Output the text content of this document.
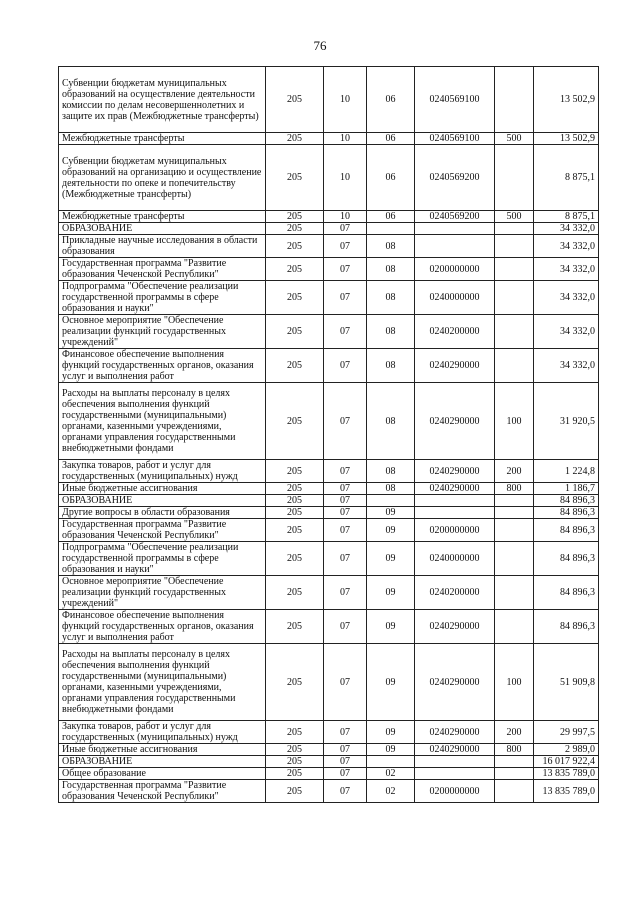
76
Субвенции бюджетам муниципальных образований на осуществление деятельности комиссии по делам несовершеннолетних и защите их прав (Межбюджетные трансферты)	205	10	06	0240569100		13 502,9
Межбюджетные трансферты	205	10	06	0240569100	500	13 502,9
Субвенции бюджетам муниципальных образований на организацию и осуществление деятельности по опеке и попечительству (Межбюджетные трансферты)	205	10	06	0240569200		8 875,1
Межбюджетные трансферты	205	10	06	0240569200	500	8 875,1
ОБРАЗОВАНИЕ	205	07				34 332,0
Прикладные научные исследования в области образования	205	07	08			34 332,0
Государственная программа "Развитие образования Чеченской Республики"	205	07	08	0200000000		34 332,0
Подпрограмма "Обеспечение реализации государственной программы в сфере образования и науки"	205	07	08	0240000000		34 332,0
Основное мероприятие "Обеспечение реализации функций государственных учреждений"	205	07	08	0240200000		34 332,0
Финансовое обеспечение выполнения функций государственных органов, оказания услуг и выполнения работ	205	07	08	0240290000		34 332,0
Расходы на выплаты персоналу в целях обеспечения выполнения функций государственными (муниципальными) органами, казенными учреждениями, органами управления государственными внебюджетными фондами	205	07	08	0240290000	100	31 920,5
Закупка товаров, работ и услуг для государственных (муниципальных) нужд	205	07	08	0240290000	200	1 224,8
Иные бюджетные ассигнования	205	07	08	0240290000	800	1 186,7
ОБРАЗОВАНИЕ	205	07				84 896,3
Другие вопросы в области образования	205	07	09			84 896,3
Государственная программа "Развитие образования Чеченской Республики"	205	07	09	0200000000		84 896,3
Подпрограмма "Обеспечение реализации государственной программы в сфере образования и науки"	205	07	09	0240000000		84 896,3
Основное мероприятие "Обеспечение реализации функций государственных учреждений"	205	07	09	0240200000		84 896,3
Финансовое обеспечение выполнения функций государственных органов, оказания услуг и выполнения работ	205	07	09	0240290000		84 896,3
Расходы на выплаты персоналу в целях обеспечения выполнения функций государственными (муниципальными) органами, казенными учреждениями, органами управления государственными внебюджетными фондами	205	07	09	0240290000	100	51 909,8
Закупка товаров, работ и услуг для государственных (муниципальных) нужд	205	07	09	0240290000	200	29 997,5
Иные бюджетные ассигнования	205	07	09	0240290000	800	2 989,0
ОБРАЗОВАНИЕ	205	07				16 017 922,4
Общее образование	205	07	02			13 835 789,0
Государственная программа "Развитие образования Чеченской Республики"	205	07	02	0200000000		13 835 789,0
